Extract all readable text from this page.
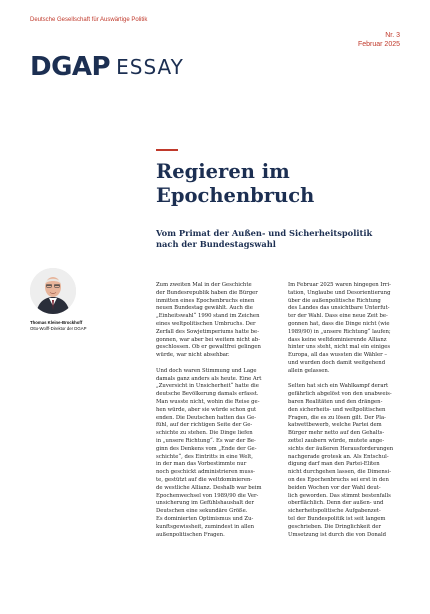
Deutsche Gesellschaft für Auswärtige Politik
Nr. 3
Februar 2025
DGAP ESSAY
Regieren im
Epochenbruch
Vom Primat der Außen- und Sicherheitspolitik
nach der Bundestagswahl
Thomas Kleine-Brockhoff
Otto-Wolff-Direktor der DGAP

Zum zweiten Mal in der Geschichte
der Bundesrepublik haben die Bürger
inmitten eines Epochenbruchs einen
neuen Bundestag gewählt. Auch die
„Einheitswahl“ 1990 stand im Zeichen
eines weltpolitischen Umbruchs. Der
Zerfall des Sowjetimperiums hatte be-
gonnen, war aber bei weitem nicht ab-
geschlossen. Ob er gewaltfrei gelingen
würde, war nicht absehbar.

Und doch waren Stimmung und Lage
damals ganz anders als heute. Eine Art
„Zuversicht in Unsicherheit“ hatte die
deutsche Bevölkerung damals erfasst.
Man wusste nicht, wohin die Reise ge-
hen würde, aber sie würde schon gut
enden. Die Deutschen hatten das Ge-
fühl, auf der richtigen Seite der Ge-
schichte zu stehen. Die Dinge liefen
in „unsere Richtung“. Es war der Be-
ginn des Denkens vom „Ende der Ge-
schichte“, des Eintritts in eine Welt,
in der man das Vorbestimmte nur
noch geschickt administrieren muss-
te, gestützt auf die weltdominieren-
de westliche Allianz. Deshalb war beim
Epochenwechsel von 1989/90 die Ver-
unsicherung im Gefühlshaushalt der
Deutschen eine sekundäre Größe.
Es dominierten Optimismus und Zu-
kunftsgewissheit, zumindest in allen
außenpolitischen Fragen.

Im Februar 2025 waren hingegen Irri-
tation, Unglaube und Desorientierung
über die außenpolitische Richtung
des Landes das unsichtbare Unterfut-
ter der Wahl. Dass eine neue Zeit be-
gonnen hat, dass die Dinge nicht (wie
1989/90) in „unsere Richtung“ laufen;
dass keine weltdominierende Allianz
hinter uns steht, nicht mal ein einiges
Europa, all das wussten die Wähler –
und wurden doch damit weitgehend
allein gelassen.

Selten hat sich ein Wahlkampf derart
gefährlich abgelöst von den unabweis-
baren Realitäten und den drängen-
den sicherheits- und weltpolitischen
Fragen, die es zu lösen gilt. Der Pla-
katwettbewerb, welche Partei dem
Bürger mehr netto auf den Gehalts-
zettel zaubern würde, mutete ange-
sichts der äußeren Herausforderungen
nachgerade grotesk an. Als Entschul-
digung darf man den Partei-Eliten
nicht durchgehen lassen, die Dimensi-
on des Epochenbruchs sei erst in den
beiden Wochen vor der Wahl deut-
lich geworden. Das stimmt bestenfalls
oberflächlich. Denn der außen- und
sicherheitspolitische Aufgabenzet-
tel der Bundespolitik ist seit langem
geschrieben. Die Dringlichkeit der
Umsetzung ist durch die von Donald
